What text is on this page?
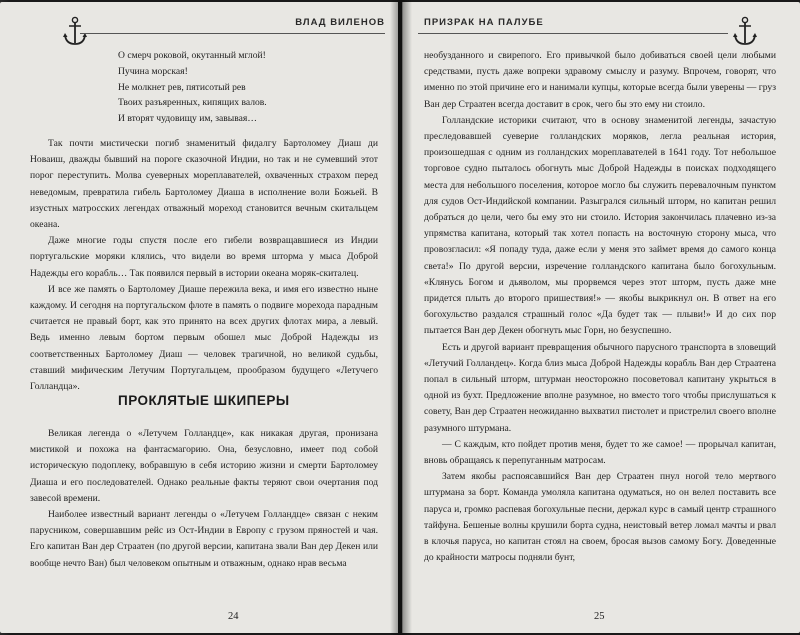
ВЛАД ВИЛЕНОВ
О смерч роковой, окутанный мглой!
Пучина морская!
Не молкнет рев, пятисотый рев
Твоих разъяренных, кипящих валов.
И вторят чудовищу им, завывая…

Так почти мистически погиб знаменитый фидалгу Бартоломеу Диаш ди Новаиш, дважды бывший на пороге сказочной Индии, но так и не сумевший этот порог переступить. Молва суеверных мореплавателей, охваченных страхом перед неведомым, превратила гибель Бартоломеу Диаша в исполнение воли Божьей. В изустных матросских легендах отважный мореход становится вечным скитальцем океана.

Даже многие годы спустя после его гибели возвращавшиеся из Индии португальские моряки клялись, что видели во время шторма у мыса Доброй Надежды его корабль… Так появился первый в истории океана моряк-скиталец.

И все же память о Бартоломеу Диаше пережила века, и имя его известно ныне каждому. И сегодня на португальском флоте в память о подвиге морехода парадным считается не правый борт, как это принято на всех других флотах мира, а левый. Ведь именно левым бортом первым обошел мыс Доброй Надежды из соответственных Бартоломеу Диаш — человек трагичной, но великой судьбы, ставший мифическим Летучим Португальцем, прообразом будущего «Летучего Голландца».

ПРОКЛЯТЫЕ ШКИПЕРЫ

Великая легенда о «Летучем Голландце», как никакая другая, пронизана мистикой и похожа на фантасмагорию. Она, безусловно, имеет под собой историческую подоплеку, вобравшую в себя историю жизни и смерти Бартоломеу Диаша и его последователей. Однако реальные факты теряют свои очертания под завесой времени.

Наиболее известный вариант легенды о «Летучем Голландце» связан с неким парусником, совершавшим рейс из Ост-Индии в Европу с грузом пряностей и чая. Его капитан Ван дер Страатен (по другой версии, капитана звали Ван дер Декен или вообще нечто Ван) был человеком опытным и отважным, однако нрав весьма

24
ПРИЗРАК НА ПАЛУБЕ

необузданного и свирепого. Его привычкой было добиваться своей цели любыми средствами, пусть даже вопреки здравому смыслу и разуму. Впрочем, говорят, что именно по этой причине его и нанимали купцы, которые всегда были уверены — груз Ван дер Страатен всегда доставит в срок, чего бы это ему ни стоило.

Голландские историки считают, что в основу знаменитой легенды, зачастую преследовавшей суеверие голландских моряков, легла реальная история, произошедшая с одним из голландских мореплавателей в 1641 году. Тот небольшое торговое судно пыталось обогнуть мыс Доброй Надежды в поисках подходящего места для небольшого поселения, которое могло бы служить перевалочным пунктом для судов Ост-Индийской компании. Разыгрался сильный шторм, но капитан решил добраться до цели, чего бы ему это ни стоило. История закончилась плачевно из-за упрямства капитана, который так хотел попасть на восточную сторону мыса, что провозгласил: «Я попаду туда, даже если у меня это займет время до самого конца света!» По другой версии, изречение голландского капитана было богохульным. «Клянусь Богом и дьяволом, мы прорвемся через этот шторм, пусть даже мне придется плыть до второго пришествия!» — якобы выкрикнул он. В ответ на его богохульство раздался страшный голос «Да будет так — плыви!» И до сих пор пытается Ван дер Декен обогнуть мыс Горн, но безуспешно.

Есть и другой вариант превращения обычного парусного транспорта в зловещий «Летучий Голландец». Когда близ мыса Доброй Надежды корабль Ван дер Страатена попал в сильный шторм, штурман неосторожно посоветовал капитану укрыться в одной из бухт. Предложение вполне разумное, но вместо того чтобы прислушаться к совету, Ван дер Страатен неожиданно выхватил пистолет и пристрелил своего вполне разумного штурмана.

— С каждым, кто пойдет против меня, будет то же самое! — прорычал капитан, вновь обращаясь к перепуганным матросам.

Затем якобы распоясавшийся Ван дер Страатен пнул ногой тело мертвого штурмана за борт. Команда умоляла капитана одуматься, но он велел поставить все паруса и, громко распевая богохульные песни, держал курс в самый центр страшного тайфуна. Бешеные волны крушили борта судна, неистовый ветер ломал мачты и рвал в клочья паруса, но капитан стоял на своем, бросая вызов самому Богу. Доведенные до крайности матросы подняли бунт,

25
